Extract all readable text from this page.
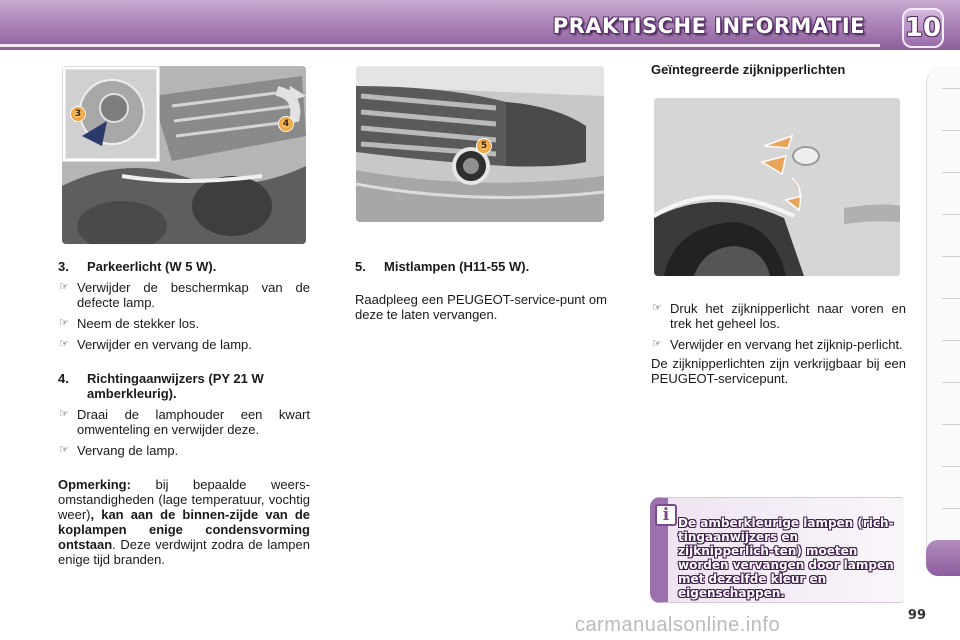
PRAKTISCHE INFORMATIE 10
3
4
5
3.	Parkeerlicht (W 5 W).
☞ Verwijder de beschermkap van de defecte lamp.
☞ Neem de stekker los.
☞ Verwijder en vervang de lamp.
4.	Richtingaanwijzers (PY 21 W amberkleurig).
☞ Draai de lamphouder een kwart omwenteling en verwijder deze.
☞ Vervang de lamp.

Opmerking: bij bepaalde weers-omstandigheden (lage temperatuur, vochtig weer), kan aan de binnen-zijde van de koplampen enige condensvorming ontstaan. Deze verdwijnt zodra de lampen enige tijd branden.

5.	Mistlampen (H11-55 W).

Raadpleeg een PEUGEOT-service-punt om deze te laten vervangen.

Geïntegreerde zijknipperlichten
☞ Druk het zijknipperlicht naar voren en trek het geheel los.
☞ Verwijder en vervang het zijknip-perlicht.

De zijknipperlichten zijn verkrijgbaar bij een PEUGEOT-servicepunt.

i De amberkleurige lampen (rich-tingaanwijzers en zijknipperlich-ten) moeten worden vervangen door lampen met dezelfde kleur en eigenschappen.
99
carmanualsonline.info
